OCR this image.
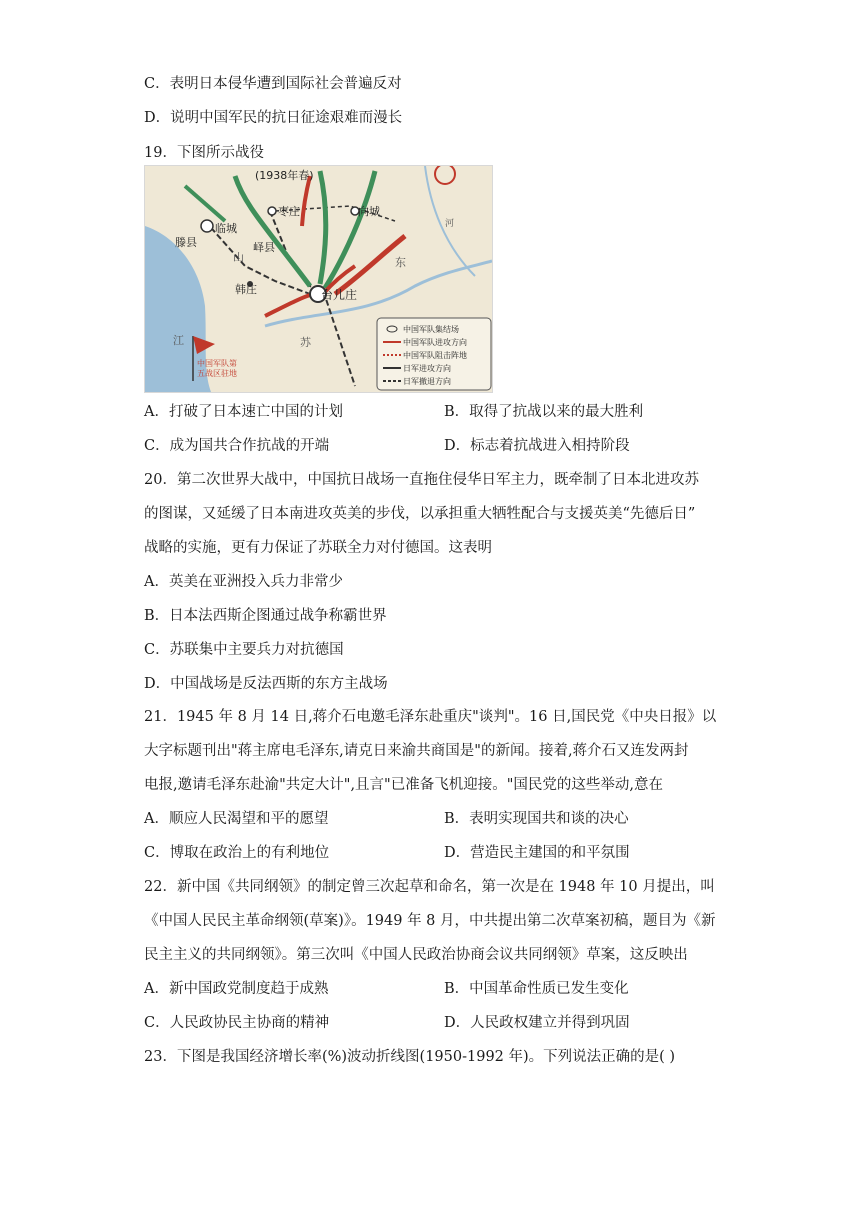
C．表明日本侵华遭到国际社会普遍反对
D．说明中国军民的抗日征途艰难而漫长
19．下图所示战役
(1938年春)
枣庄	向城
滕县	峄县
韩庄	台儿庄
临城
山	东
江	苏
河
中国军队第
五战区驻地
中国军队集结场
中国军队进攻方向
中国军队阻击阵地
日军进攻方向
日军撤退方向
A．打破了日本速亡中国的计划	B．取得了抗战以来的最大胜利
C．成为国共合作抗战的开端	D．标志着抗战进入相持阶段
20．第二次世界大战中，中国抗日战场一直拖住侵华日军主力，既牵制了日本北进攻苏
的图谋，又延缓了日本南进攻英美的步伐，以承担重大牺牲配合与支援英美“先德后日”
战略的实施，更有力保证了苏联全力对付德国。这表明
A．英美在亚洲投入兵力非常少
B．日本法西斯企图通过战争称霸世界
C．苏联集中主要兵力对抗德国
D．中国战场是反法西斯的东方主战场
21．1945 年 8 月 14 日,蒋介石电邀毛泽东赴重庆"谈判"。16 日,国民党《中央日报》以
大字标题刊出"蒋主席电毛泽东,请克日来渝共商国是"的新闻。接着,蒋介石又连发两封
电报,邀请毛泽东赴渝"共定大计",且言"已准备飞机迎接。"国民党的这些举动,意在
A．顺应人民渴望和平的愿望	B．表明实现国共和谈的决心
C．博取在政治上的有利地位	D．营造民主建国的和平氛围
22．新中国《共同纲领》的制定曾三次起草和命名，第一次是在 1948 年 10 月提出，叫
《中国人民民主革命纲领(草案)》。1949 年 8 月，中共提出第二次草案初稿，题目为《新
民主主义的共同纲领》。第三次叫《中国人民政治协商会议共同纲领》草案，这反映出
A．新中国政党制度趋于成熟	B．中国革命性质已发生变化
C．人民政协民主协商的精神	D．人民政权建立并得到巩固
23．下图是我国经济增长率(%)波动折线图(1950-1992 年)。下列说法正确的是( )
